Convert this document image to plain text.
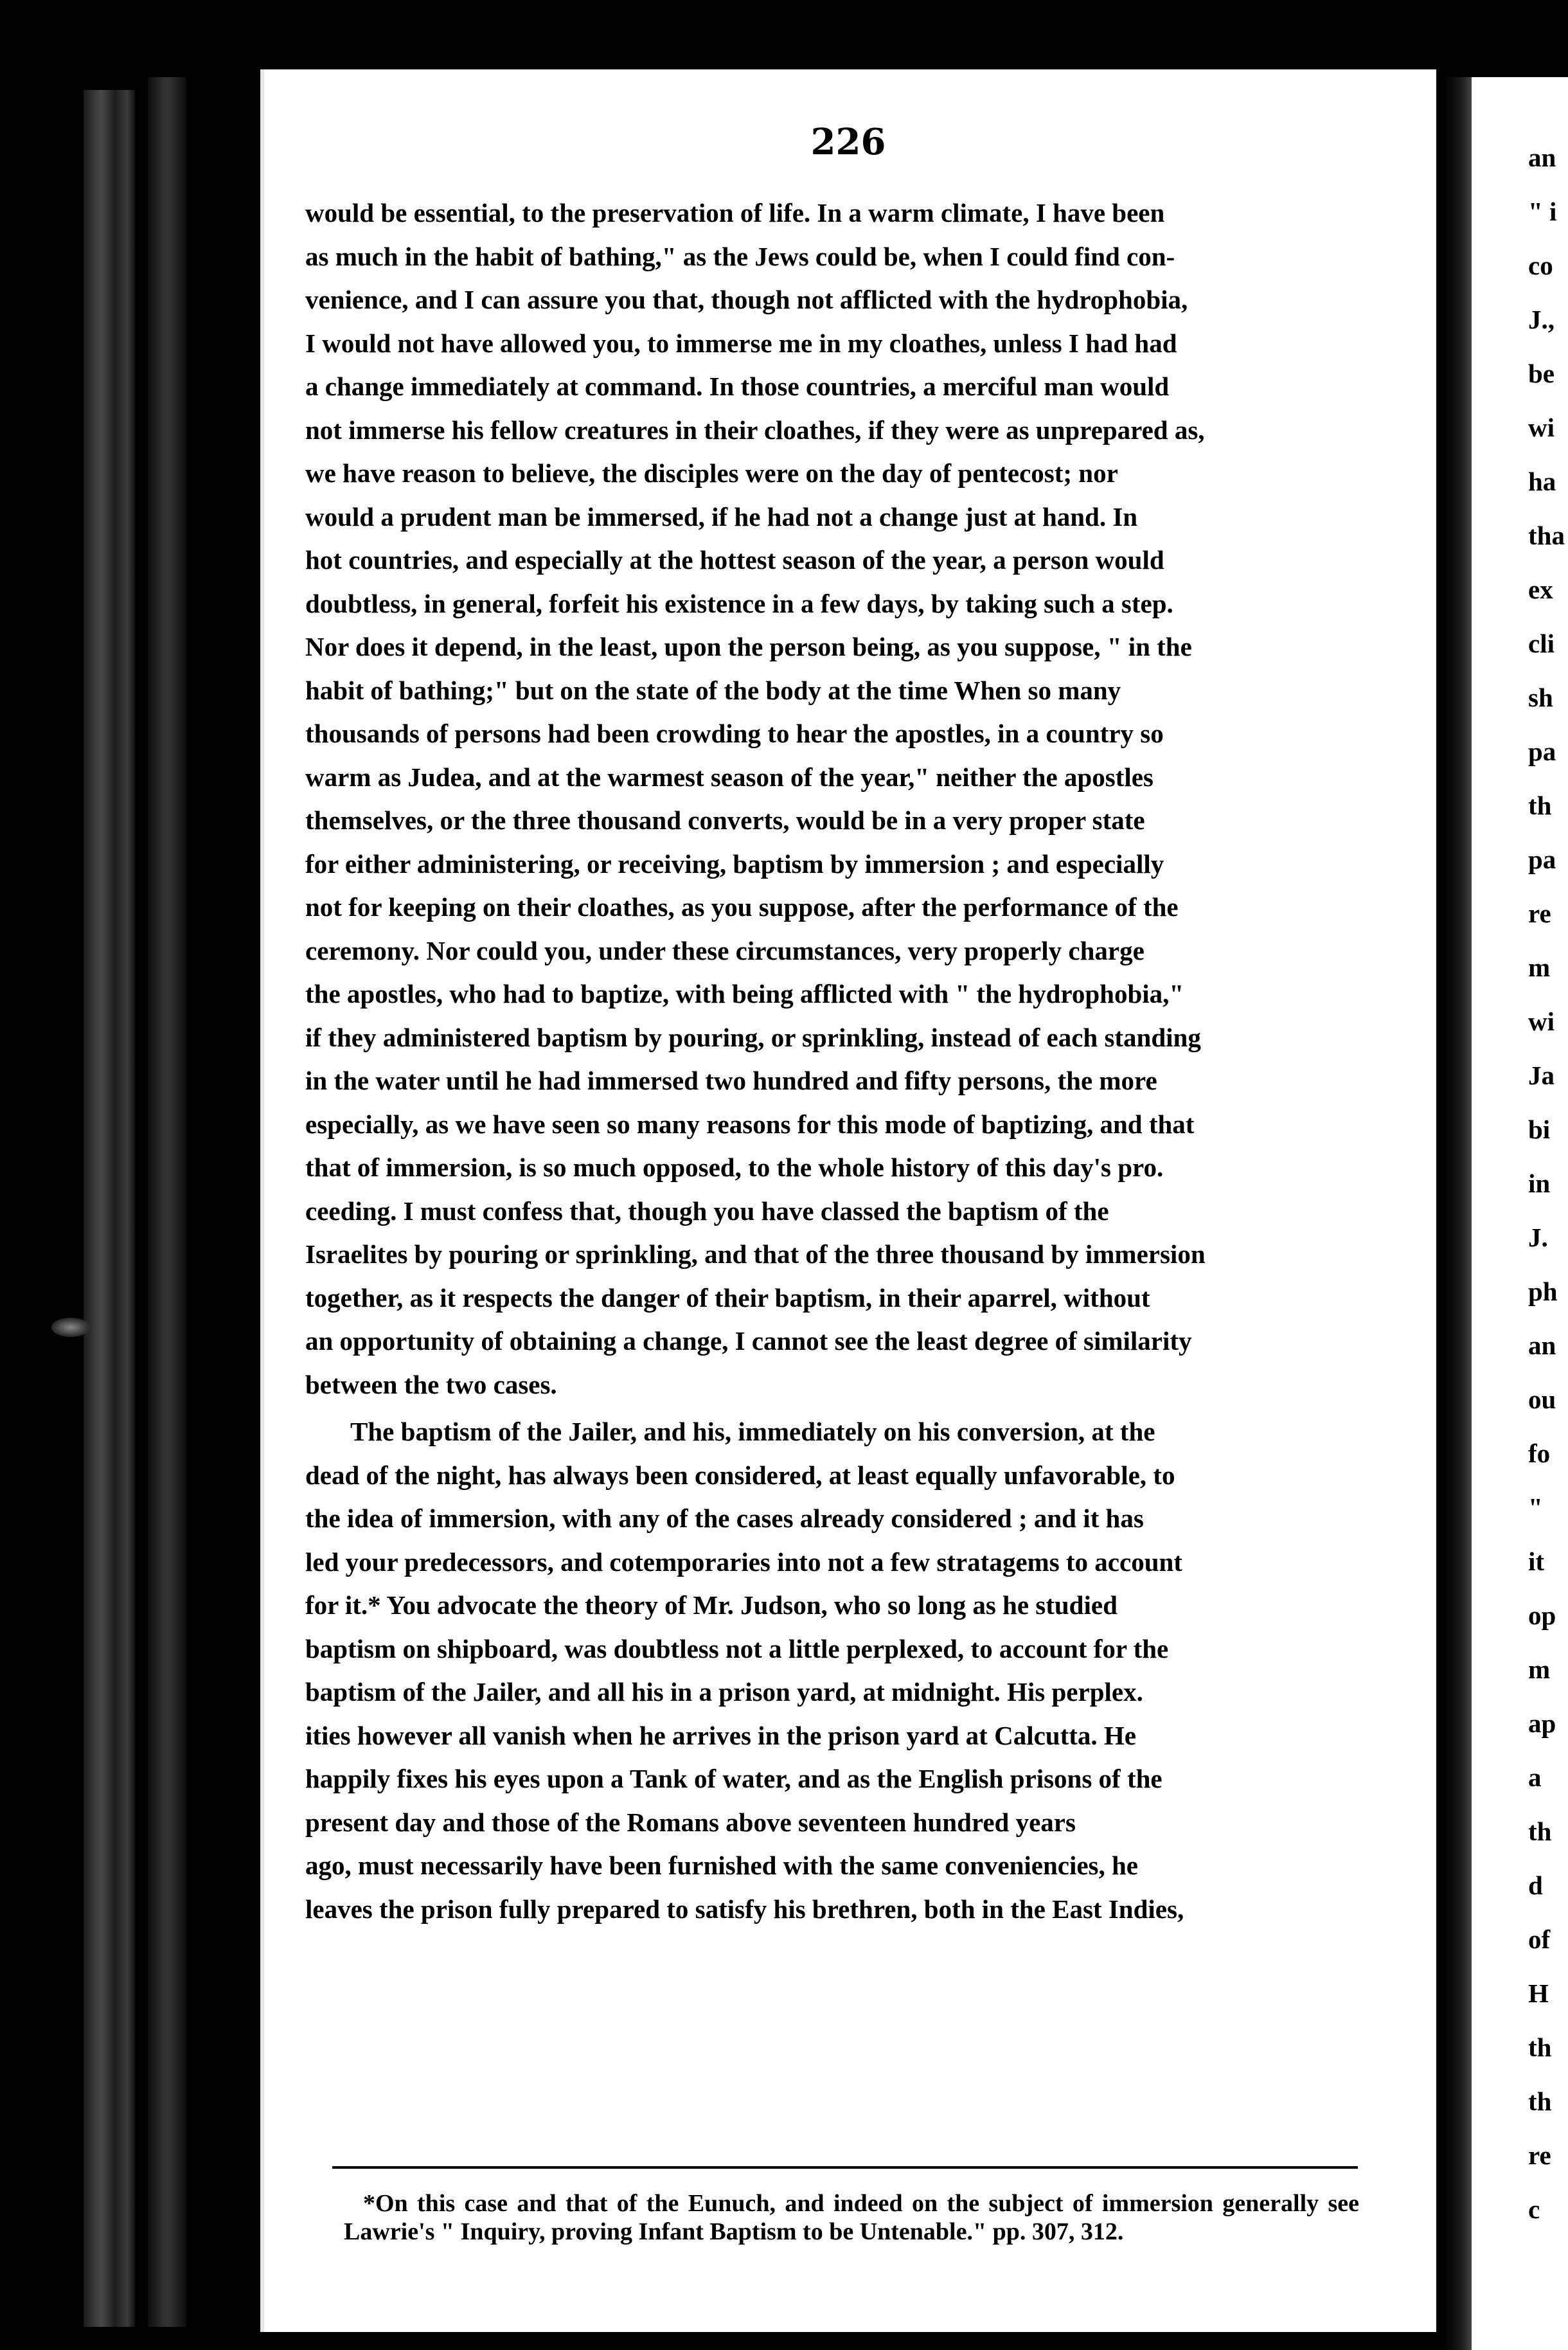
226

would be essential, to the preservation of life. In a warm climate, I have been

as much in the habit of bathing," as the Jews could be, when I could find con-

venience, and I can assure you that, though not afflicted with the hydrophobia,

I would not have allowed you, to immerse me in my cloathes, unless I had had

a change immediately at command. In those countries, a merciful man would

not immerse his fellow creatures in their cloathes, if they were as unprepared as,

we have reason to believe, the disciples were on the day of pentecost; nor

would a prudent man be immersed, if he had not a change just at hand. In

hot countries, and especially at the hottest season of the year, a person would

doubtless, in general, forfeit his existence in a few days, by taking such a step.

Nor does it depend, in the least, upon the person being, as you suppose, " in the

habit of bathing;" but on the state of the body at the time When so many

thousands of persons had been crowding to hear the apostles, in a country so

warm as Judea, and at the warmest season of the year," neither the apostles

themselves, or the three thousand converts, would be in a very proper state

for either administering, or receiving, baptism by immersion ; and especially

not for keeping on their cloathes, as you suppose, after the performance of the

ceremony. Nor could you, under these circumstances, very properly charge

the apostles, who had to baptize, with being afflicted with " the hydrophobia,"

if they administered baptism by pouring, or sprinkling, instead of each standing

in the water until he had immersed two hundred and fifty persons, the more

especially, as we have seen so many reasons for this mode of baptizing, and that

that of immersion, is so much opposed, to the whole history of this day's pro.

ceeding. I must confess that, though you have classed the baptism of the

Israelites by pouring or sprinkling, and that of the three thousand by immersion

together, as it respects the danger of their baptism, in their aparrel, without

an opportunity of obtaining a change, I cannot see the least degree of similarity

between the two cases.

The baptism of the Jailer, and his, immediately on his conversion, at the

dead of the night, has always been considered, at least equally unfavorable, to

the idea of immersion, with any of the cases already considered ; and it has

led your predecessors, and cotemporaries into not a few stratagems to account

for it.* You advocate the theory of Mr. Judson, who so long as he studied

baptism on shipboard, was doubtless not a little perplexed, to account for the

baptism of the Jailer, and all his in a prison yard, at midnight. His perplex.

ities however all vanish when he arrives in the prison yard at Calcutta. He

happily fixes his eyes upon a Tank of water, and as the English prisons of the

present day and those of the Romans above seventeen hundred years

ago, must necessarily have been furnished with the same conveniencies, he

leaves the prison fully prepared to satisfy his brethren, both in the East Indies,

*On this case and that of the Eunuch, and indeed on the subject of immersion generally see Lawrie's " Inquiry, proving Infant Baptism to be Untenable." pp. 307, 312.
an
" i
co
J.,
be
wi
ha
tha
ex
cli
sh
pa
th
pa
re
m
wi
Ja
bi
in
J.
ph
an
ou
fo
"
it
op
m
ap
a
th
d
of
H
th
th
re
c
